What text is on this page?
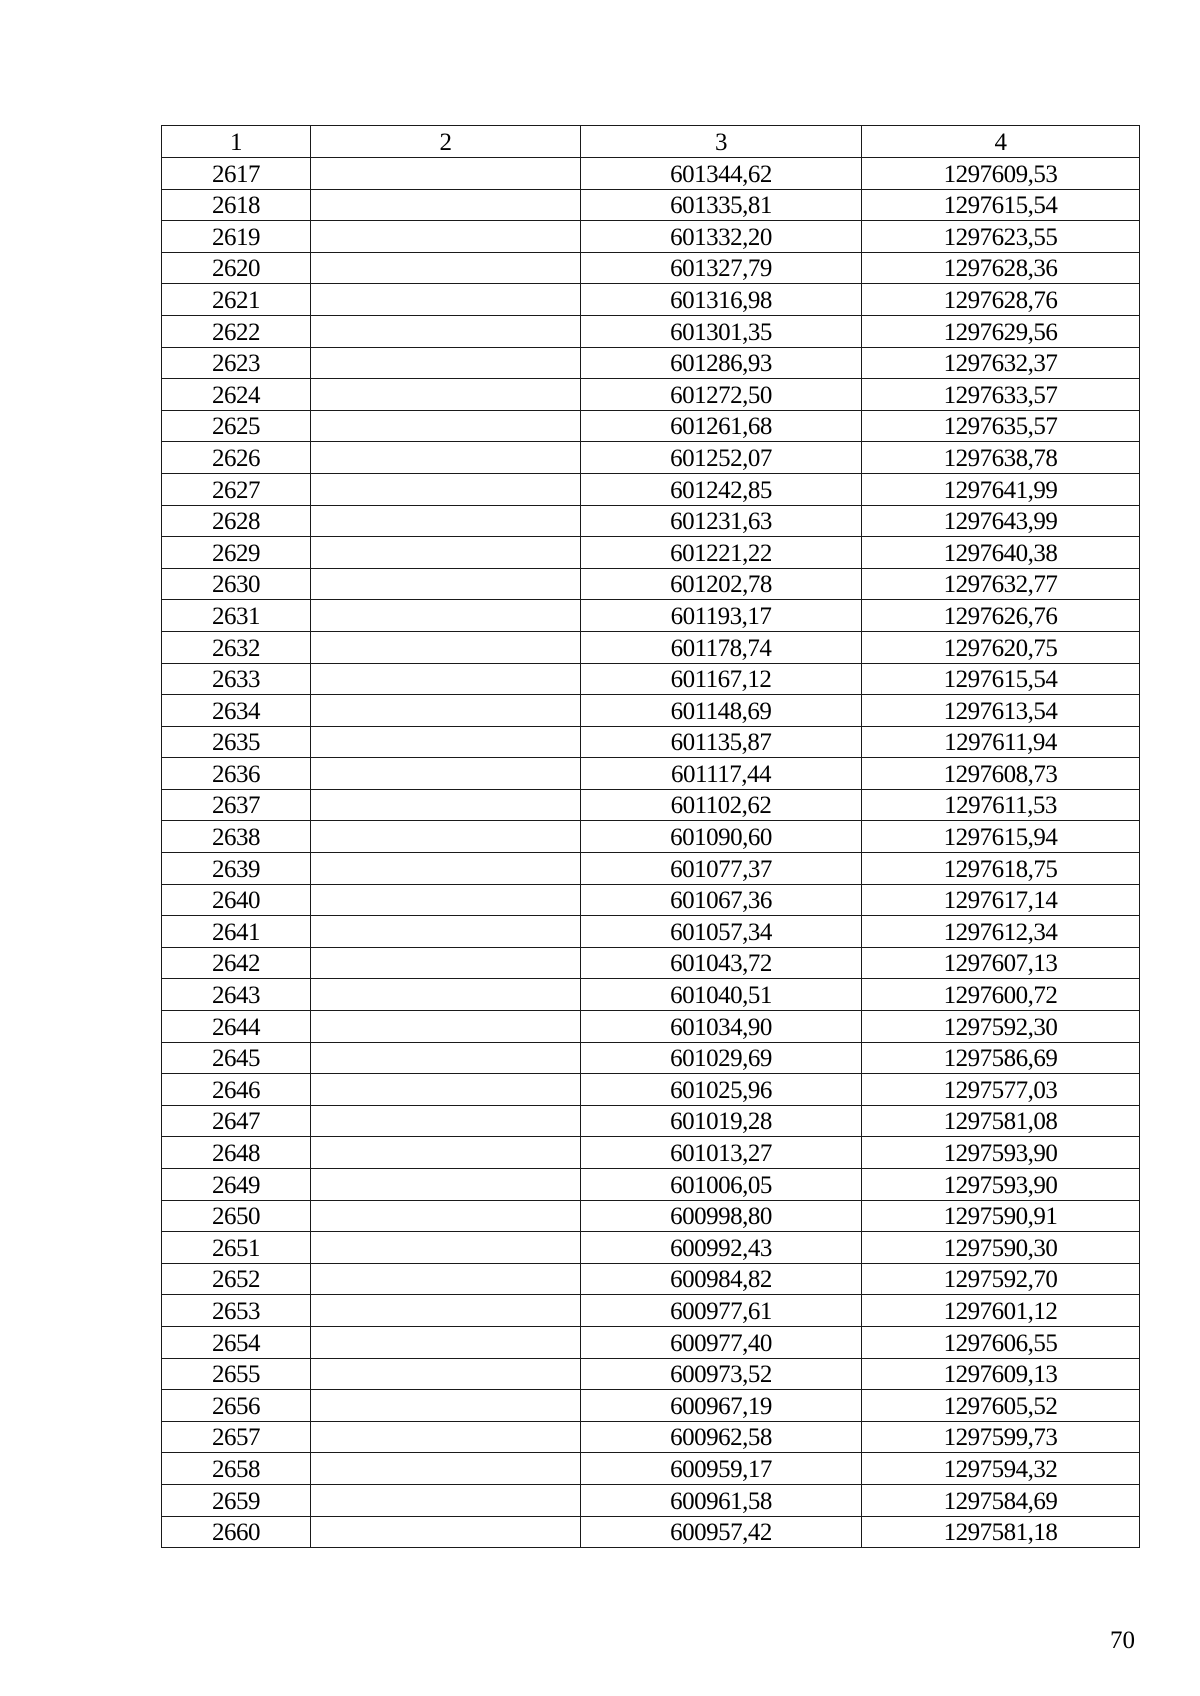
1	2	3	4
2617		601344,62	1297609,53
2618		601335,81	1297615,54
2619		601332,20	1297623,55
2620		601327,79	1297628,36
2621		601316,98	1297628,76
2622		601301,35	1297629,56
2623		601286,93	1297632,37
2624		601272,50	1297633,57
2625		601261,68	1297635,57
2626		601252,07	1297638,78
2627		601242,85	1297641,99
2628		601231,63	1297643,99
2629		601221,22	1297640,38
2630		601202,78	1297632,77
2631		601193,17	1297626,76
2632		601178,74	1297620,75
2633		601167,12	1297615,54
2634		601148,69	1297613,54
2635		601135,87	1297611,94
2636		601117,44	1297608,73
2637		601102,62	1297611,53
2638		601090,60	1297615,94
2639		601077,37	1297618,75
2640		601067,36	1297617,14
2641		601057,34	1297612,34
2642		601043,72	1297607,13
2643		601040,51	1297600,72
2644		601034,90	1297592,30
2645		601029,69	1297586,69
2646		601025,96	1297577,03
2647		601019,28	1297581,08
2648		601013,27	1297593,90
2649		601006,05	1297593,90
2650		600998,80	1297590,91
2651		600992,43	1297590,30
2652		600984,82	1297592,70
2653		600977,61	1297601,12
2654		600977,40	1297606,55
2655		600973,52	1297609,13
2656		600967,19	1297605,52
2657		600962,58	1297599,73
2658		600959,17	1297594,32
2659		600961,58	1297584,69
2660		600957,42	1297581,18
70
